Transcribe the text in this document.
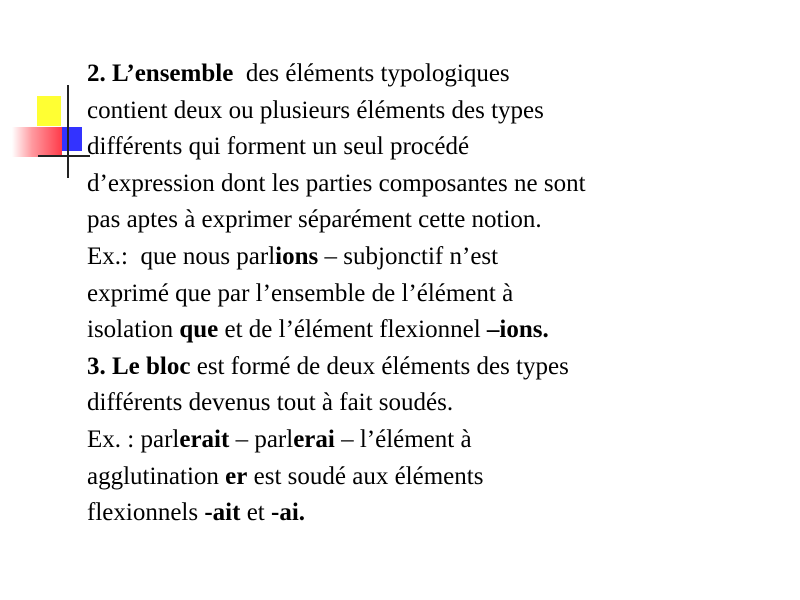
2. L’ensemble  des éléments typologiques
contient deux ou plusieurs éléments des types
différents qui forment un seul procédé
d’expression dont les parties composantes ne sont
pas aptes à exprimer séparément cette notion.
Ex.:  que nous parlions – subjonctif n’est
exprimé que par l’ensemble de l’élément à
isolation que et de l’élément flexionnel –ions.
3. Le bloc est formé de deux éléments des types
différents devenus tout à fait soudés.
Ex. : parlerait – parlerai – l’élément à
agglutination er est soudé aux éléments
flexionnels -ait et -ai.
